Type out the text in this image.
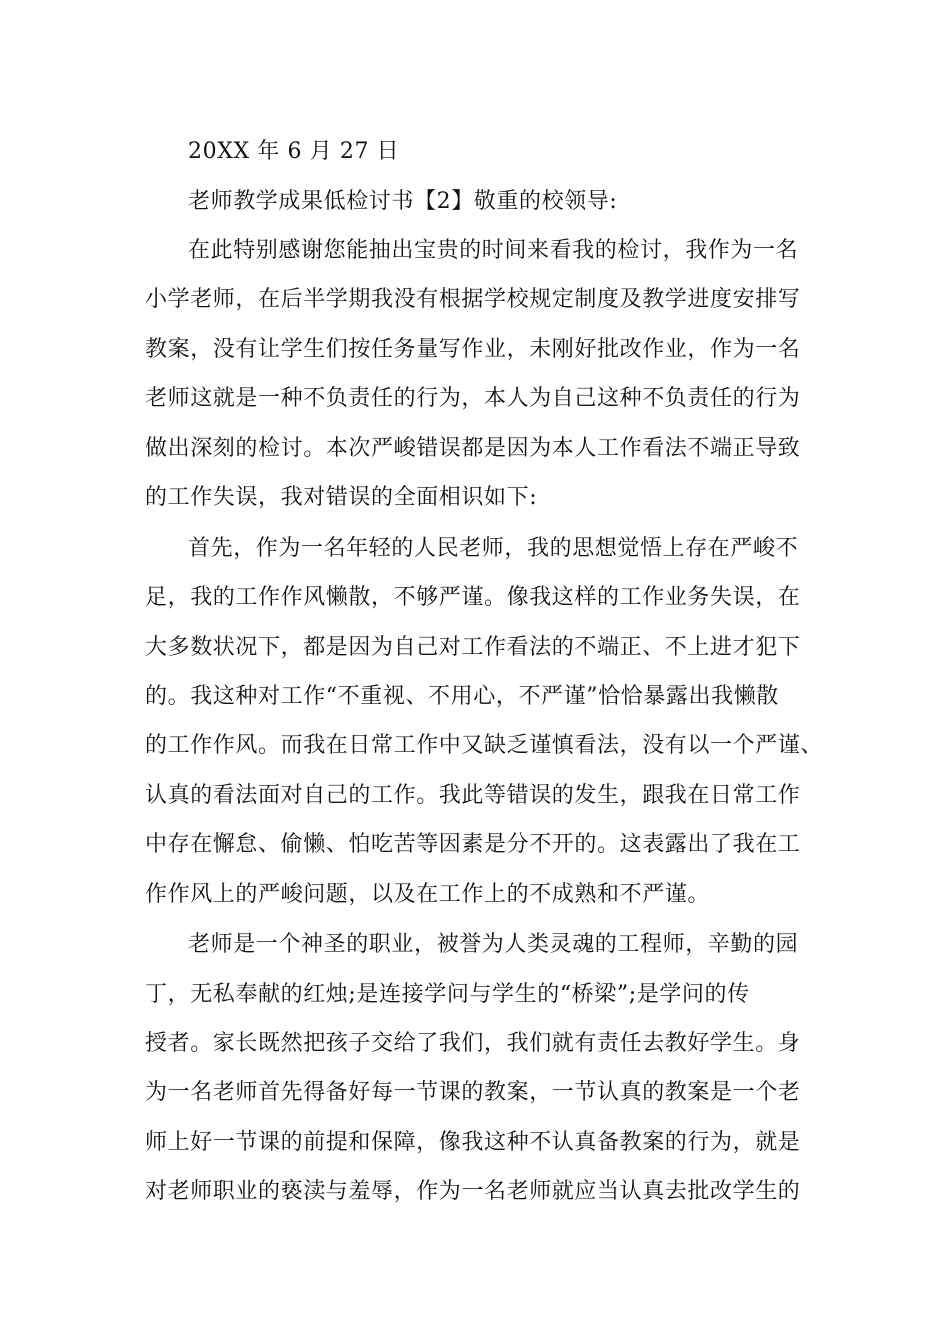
20XX 年 6 月 27 日
老师教学成果低检讨书【2】敬重的校领导:
在此特别感谢您能抽出宝贵的时间来看我的检讨，我作为一名
小学老师，在后半学期我没有根据学校规定制度及教学进度安排写
教案，没有让学生们按任务量写作业，未刚好批改作业，作为一名
老师这就是一种不负责任的行为，本人为自己这种不负责任的行为
做出深刻的检讨。本次严峻错误都是因为本人工作看法不端正导致
的工作失误，我对错误的全面相识如下:
首先，作为一名年轻的人民老师，我的思想觉悟上存在严峻不
足，我的工作作风懒散，不够严谨。像我这样的工作业务失误，在
大多数状况下，都是因为自己对工作看法的不端正、不上进才犯下
的。我这种对工作“不重视、不用心，不严谨”恰恰暴露出我懒散
的工作作风。而我在日常工作中又缺乏谨慎看法，没有以一个严谨、
认真的看法面对自己的工作。我此等错误的发生，跟我在日常工作
中存在懈怠、偷懒、怕吃苦等因素是分不开的。这表露出了我在工
作作风上的严峻问题，以及在工作上的不成熟和不严谨。
老师是一个神圣的职业，被誉为人类灵魂的工程师，辛勤的园
丁，无私奉献的红烛;是连接学问与学生的“桥梁”;是学问的传
授者。家长既然把孩子交给了我们，我们就有责任去教好学生。身
为一名老师首先得备好每一节课的教案，一节认真的教案是一个老
师上好一节课的前提和保障，像我这种不认真备教案的行为，就是
对老师职业的亵渎与羞辱，作为一名老师就应当认真去批改学生的
